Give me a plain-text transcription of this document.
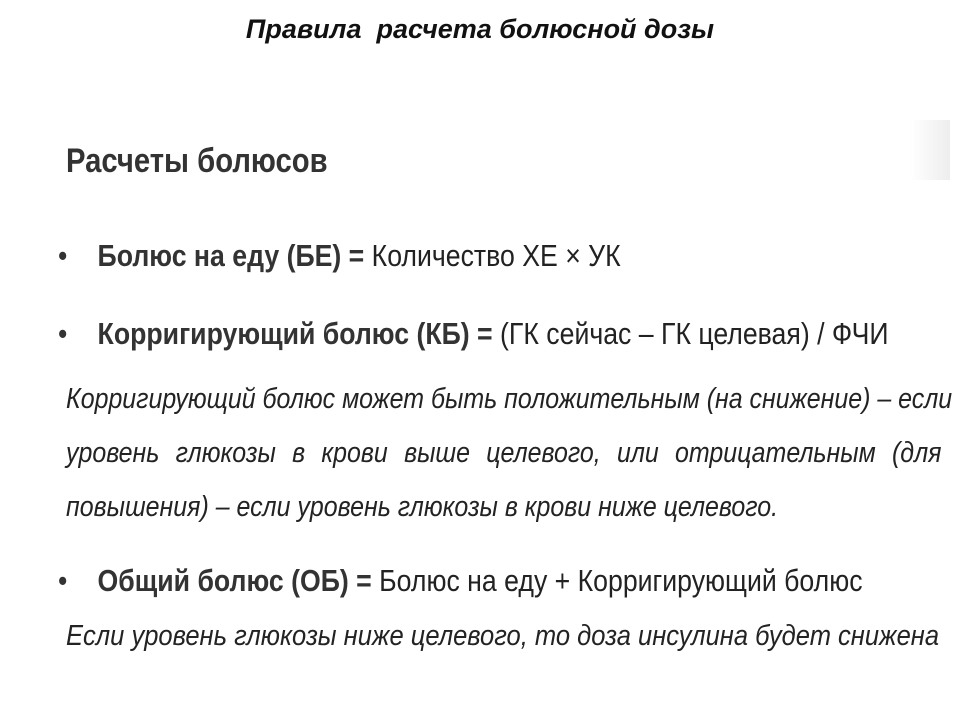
Правила  расчета болюсной дозы
Расчеты болюсов
• Болюс на еду (БЕ) = Количество ХЕ × УК
• Корригирующий болюс (КБ) = (ГК сейчас – ГК целевая) / ФЧИ
Корригирующий болюс может быть положительным (на снижение) – если
уровень глюкозы в крови выше целевого, или отрицательным (для
повышения) – если уровень глюкозы в крови ниже целевого.
• Общий болюс (ОБ) = Болюс на еду + Корригирующий болюс
Если уровень глюкозы ниже целевого, то доза инсулина будет снижена
